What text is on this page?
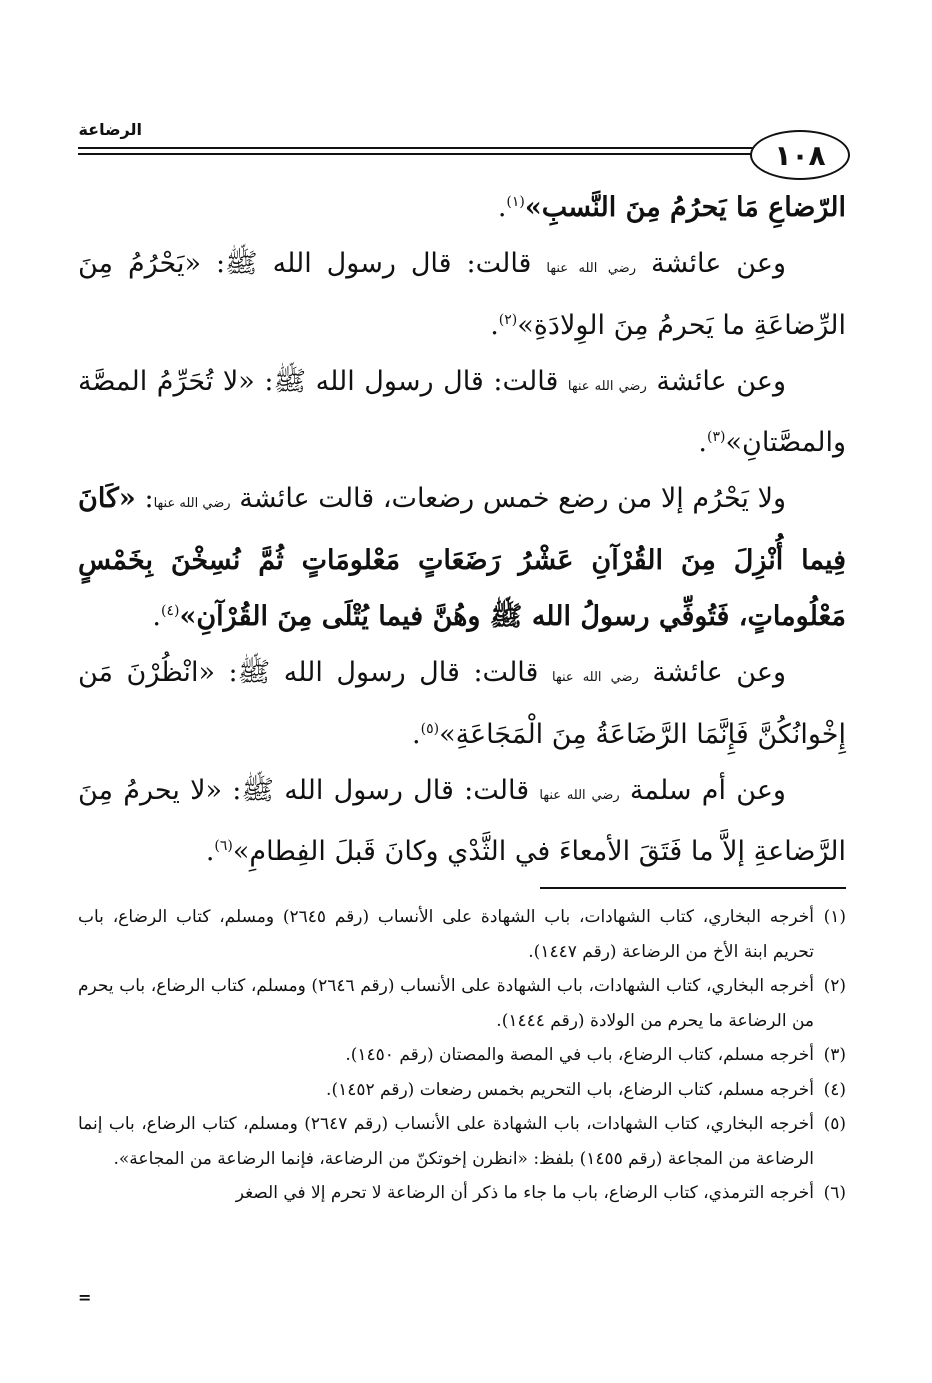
الرضاعة
١٠٨

الرّضاعِ مَا يَحرُمُ مِنَ النَّسبِ»$^{(١)}$.

وعن عائشة رضي الله عنها قالت: قال رسول الله ﷺ: «يَحْرُمُ مِنَ الرِّضاعَةِ ما يَحرمُ مِنَ الوِلادَةِ»$^{(٢)}$.

وعن عائشة رضي الله عنها قالت: قال رسول الله ﷺ: «لا تُحَرِّمُ المصَّة والمصَّتانِ»$^{(٣)}$.

ولا يَحْرُم إلا من رضع خمس رضعات، قالت عائشة رضي الله عنها: «كَانَ فِيما أُنْزِلَ مِنَ القُرْآنِ عَشْرُ رَضَعَاتٍ مَعْلومَاتٍ ثُمَّ نُسِخْنَ بِخَمْسٍ مَعْلُوماتٍ، فَتُوفِّي رسولُ الله ﷺ وهُنَّ فيما يُتْلَى مِنَ القُرْآنِ»$^{(٤)}$.

وعن عائشة رضي الله عنها قالت: قال رسول الله ﷺ: «انْظُرْنَ مَن إِخْوانُكُنَّ فَإِنَّمَا الرَّضَاعَةُ مِنَ الْمَجَاعَةِ»$^{(٥)}$.

وعن أم سلمة رضي الله عنها قالت: قال رسول الله ﷺ: «لا يحرمُ مِنَ الرَّضاعةِ إلاَّ ما فَتَقَ الأمعاءَ في الثَّدْي وكانَ قَبلَ الفِطامِ»$^{(٦)}$.

(١)
أخرجه البخاري، كتاب الشهادات، باب الشهادة على الأنساب (رقم ٢٦٤٥) ومسلم، كتاب الرضاع، باب تحريم ابنة الأخ من الرضاعة (رقم ١٤٤٧).
(٢)
أخرجه البخاري، كتاب الشهادات، باب الشهادة على الأنساب (رقم ٢٦٤٦) ومسلم، كتاب الرضاع، باب يحرم من الرضاعة ما يحرم من الولادة (رقم ١٤٤٤).
(٣)
أخرجه مسلم، كتاب الرضاع، باب في المصة والمصتان (رقم ١٤٥٠).
(٤)
أخرجه مسلم، كتاب الرضاع، باب التحريم بخمس رضعات (رقم ١٤٥٢).
(٥)
أخرجه البخاري، كتاب الشهادات، باب الشهادة على الأنساب (رقم ٢٦٤٧) ومسلم، كتاب الرضاع، باب إنما الرضاعة من المجاعة (رقم ١٤٥٥) بلفظ: «انظرن إخوتكنّ من الرضاعة، فإنما الرضاعة من المجاعة».
(٦)
أخرجه الترمذي، كتاب الرضاع، باب ما جاء ما ذكر أن الرضاعة لا تحرم إلا في الصغر
=
